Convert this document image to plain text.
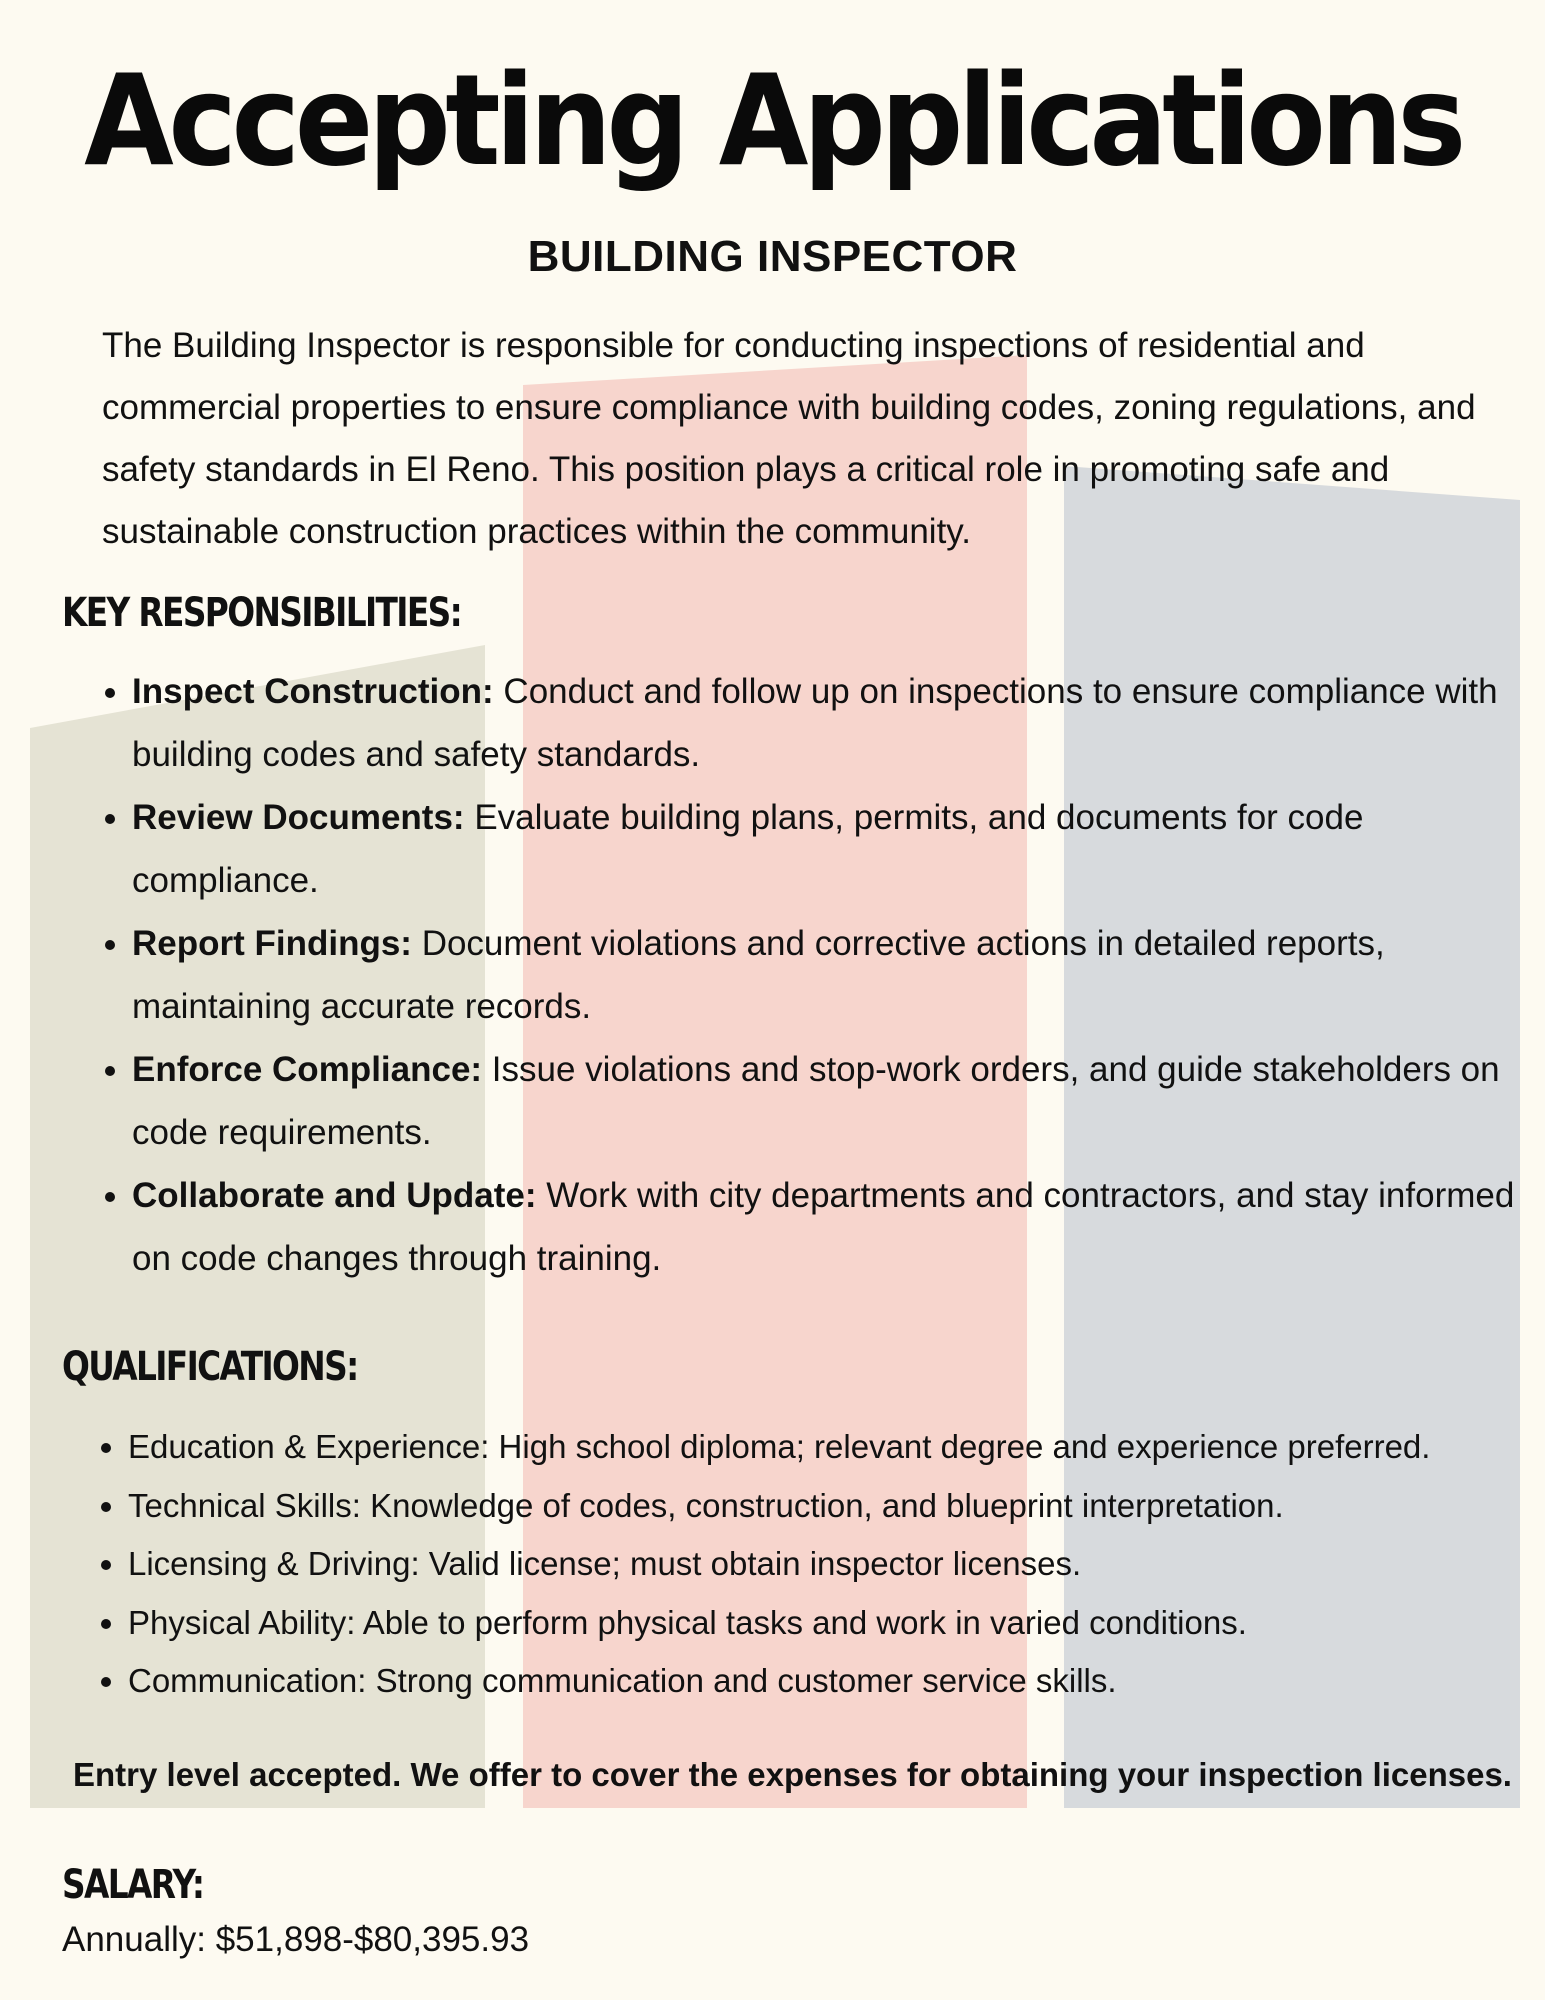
Accepting Applications
BUILDING INSPECTOR

The Building Inspector is responsible for conducting inspections of residential and commercial properties to ensure compliance with building codes, zoning regulations, and safety standards in El Reno. This position plays a critical role in promoting safe and sustainable construction practices within the community.

KEY RESPONSIBILITIES:
• Inspect Construction: Conduct and follow up on inspections to ensure compliance with building codes and safety standards.
• Review Documents: Evaluate building plans, permits, and documents for code compliance.
• Report Findings: Document violations and corrective actions in detailed reports, maintaining accurate records.
• Enforce Compliance: Issue violations and stop-work orders, and guide stakeholders on code requirements.
• Collaborate and Update: Work with city departments and contractors, and stay informed on code changes through training.
QUALIFICATIONS:
• Education & Experience: High school diploma; relevant degree and experience preferred.
• Technical Skills: Knowledge of codes, construction, and blueprint interpretation.
• Licensing & Driving: Valid license; must obtain inspector licenses.
• Physical Ability: Able to perform physical tasks and work in varied conditions.
• Communication: Strong communication and customer service skills.

Entry level accepted. We offer to cover the expenses for obtaining your inspection licenses.

SALARY:

Annually: $51,898-$80,395.93
